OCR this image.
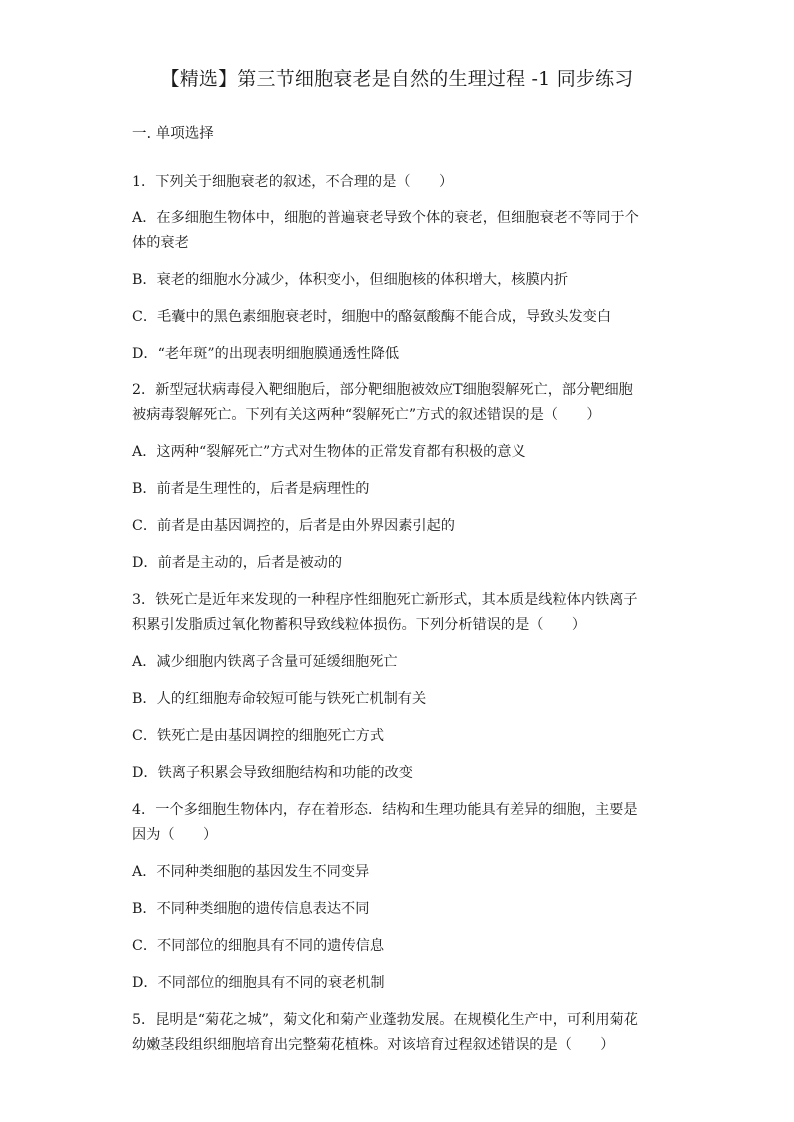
【精选】第三节细胞衰老是自然的生理过程 -1 同步练习
一. 单项选择
1．下列关于细胞衰老的叙述，不合理的是（　　）
A．在多细胞生物体中，细胞的普遍衰老导致个体的衰老，但细胞衰老不等同于个
体的衰老
B．衰老的细胞水分减少，体积变小，但细胞核的体积增大，核膜内折
C．毛囊中的黑色素细胞衰老时，细胞中的酪氨酸酶不能合成，导致头发变白
D．“老年斑”的出现表明细胞膜通透性降低
2．新型冠状病毒侵入靶细胞后，部分靶细胞被效应T细胞裂解死亡，部分靶细胞
被病毒裂解死亡。下列有关这两种“裂解死亡”方式的叙述错误的是（　　）
A．这两种“裂解死亡”方式对生物体的正常发育都有积极的意义
B．前者是生理性的，后者是病理性的
C．前者是由基因调控的，后者是由外界因素引起的
D．前者是主动的，后者是被动的
3．铁死亡是近年来发现的一种程序性细胞死亡新形式，其本质是线粒体内铁离子
积累引发脂质过氧化物蓄积导致线粒体损伤。下列分析错误的是（　　）
A．减少细胞内铁离子含量可延缓细胞死亡
B．人的红细胞寿命较短可能与铁死亡机制有关
C．铁死亡是由基因调控的细胞死亡方式
D．铁离子积累会导致细胞结构和功能的改变
4．一个多细胞生物体内，存在着形态．结构和生理功能具有差异的细胞，主要是
因为（　　）
A．不同种类细胞的基因发生不同变异
B．不同种类细胞的遗传信息表达不同
C．不同部位的细胞具有不同的遗传信息
D．不同部位的细胞具有不同的衰老机制
5．昆明是“菊花之城”，菊文化和菊产业蓬勃发展。在规模化生产中，可利用菊花
幼嫩茎段组织细胞培育出完整菊花植株。对该培育过程叙述错误的是（　　）
